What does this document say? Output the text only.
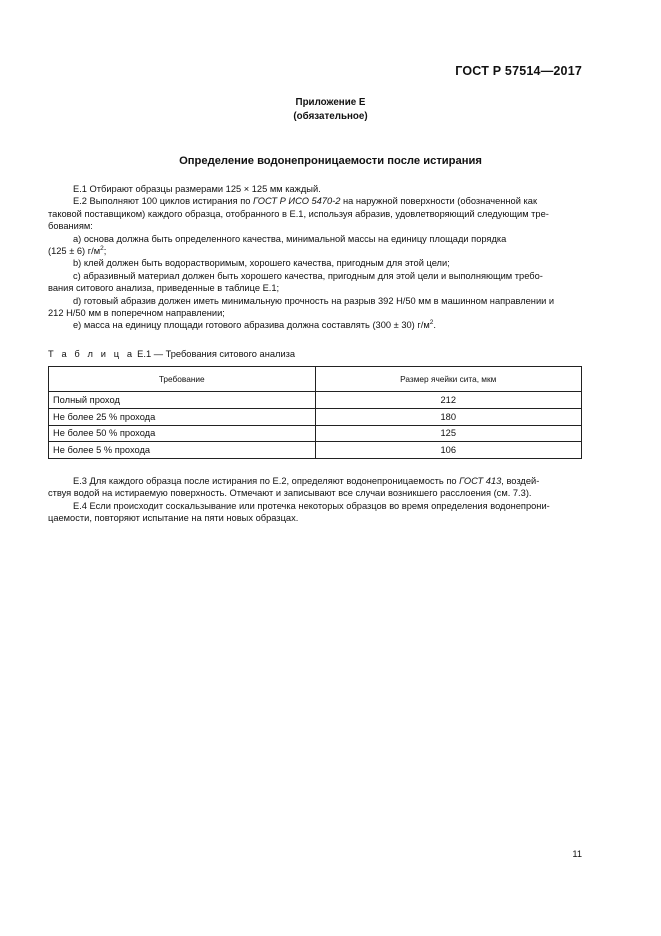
ГОСТ Р 57514—2017
Приложение Е
(обязательное)
Определение водонепроницаемости после истирания

Е.1 Отбирают образцы размерами 125 × 125 мм каждый.

Е.2 Выполняют 100 циклов истирания по ГОСТ Р ИСО 5470-2 на наружной поверхности (обозначенной как

таковой поставщиком) каждого образца, отобранного в Е.1, используя абразив, удовлетворяющий следующим тре-

бованиям:

а) основа должна быть определенного качества, минимальной массы на единицу площади порядка

(125 ± 6) $г/м^2$;

b) клей должен быть водорастворимым, хорошего качества, пригодным для этой цели;

c) абразивный материал должен быть хорошего качества, пригодным для этой цели и выполняющим требо-

вания ситового анализа, приведенные в таблице Е.1;

d) готовый абразив должен иметь минимальную прочность на разрыв 392 Н/50 мм в машинном направлении и

212 Н/50 мм в поперечном направлении;

е) масса на единицу площади готового абразива должна составлять (300 ± 30) $г/м^2$.

Т а б л и ц а Е.1 — Требования ситового анализа
Требование	Размер ячейки сита, мкм
Полный проход	212
Не более 25 % прохода	180
Не более 50 % прохода	125
Не более 5 % прохода	106

Е.3 Для каждого образца после истирания по Е.2, определяют водонепроницаемость по ГОСТ 413, воздей-

ствуя водой на истираемую поверхность. Отмечают и записывают все случаи возникшего расслоения (см. 7.3).

Е.4 Если происходит соскальзывание или протечка некоторых образцов во время определения водонепрони-

цаемости, повторяют испытание на пяти новых образцах.

11
